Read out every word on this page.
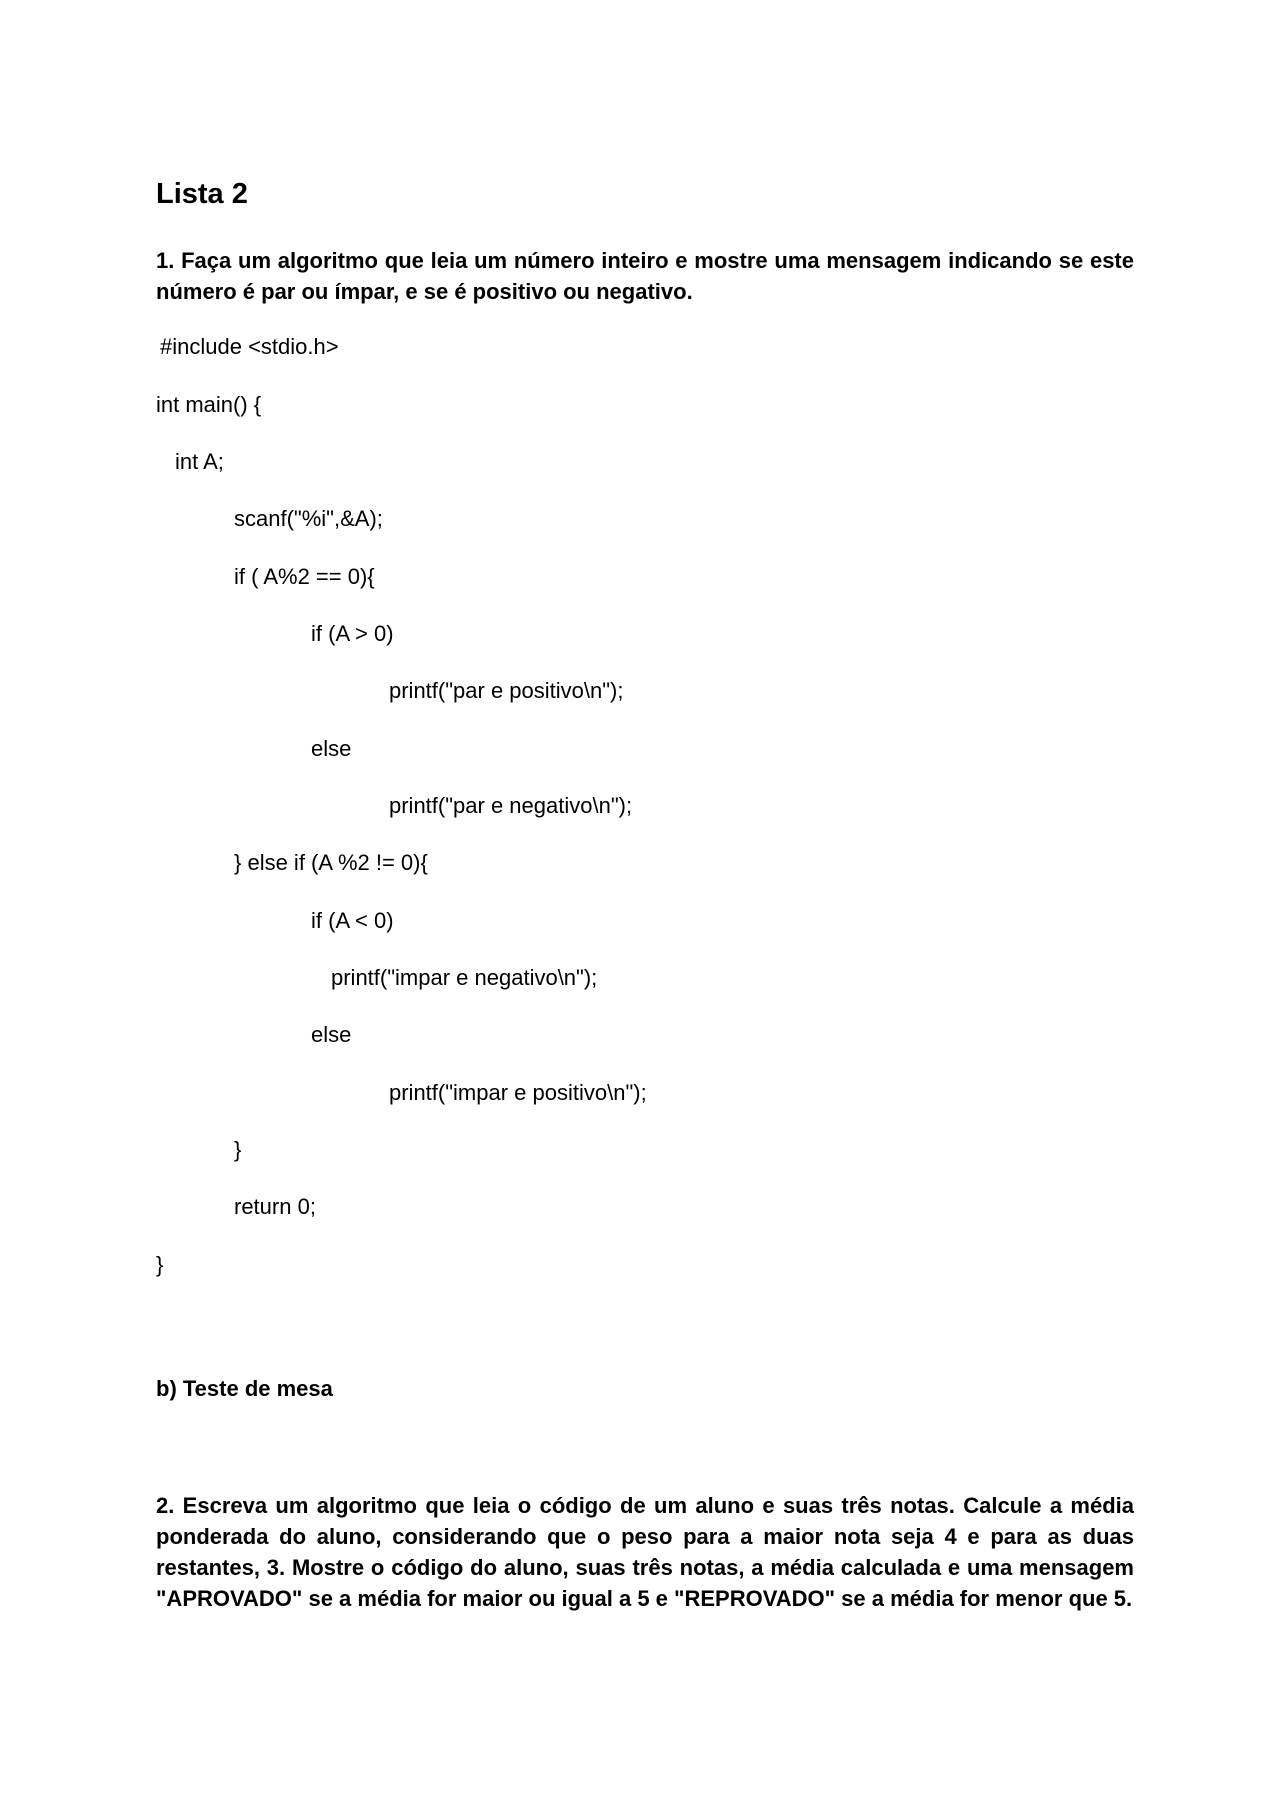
Lista 2

1. Faça um algoritmo que leia um número inteiro e mostre uma mensagem indicando se este número é par ou ímpar, e se é positivo ou negativo.

#include <stdio.h>

int main() {

int A;

scanf("%i",&A);

if ( A%2 == 0){

if (A > 0)

printf("par e positivo\n");

else

printf("par e negativo\n");

} else if (A %2 != 0){

if (A < 0)

printf("impar e negativo\n");

else

printf("impar e positivo\n");

}

return 0;

}

b) Teste de mesa

2. Escreva um algoritmo que leia o código de um aluno e suas três notas. Calcule a média ponderada do aluno, considerando que o peso para a maior nota seja 4 e para as duas restantes, 3. Mostre o código do aluno, suas três notas, a média calculada e uma mensagem "APROVADO" se a média for maior ou igual a 5 e "REPROVADO" se a média for menor que 5.
